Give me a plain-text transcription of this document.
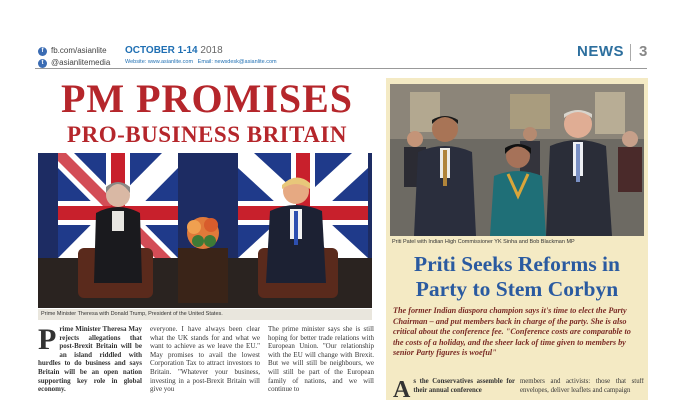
f fb.com/asianlite
t @asianlitemedia
OCTOBER 1-14 2018
Website: www.asianlite.com Email: newsdesk@asianlite.com
NEWS 3
PM PROMISES
PRO-BUSINESS BRITAIN
Prime Minister Theresa with Donald Trump, President of the United States.
P rime Minister Theresa May rejects allegations that post-Brexit Britain will be an island riddled with hurdles to do business and says Britain will be an open nation supporting key role in global economy.
everyone. I have always been clear what the UK stands for and what we want to achieve as we leave the EU." May promises to avail the lowest Corporation Tax to attract investors to Britain. "Whatever your business, investing in a post-Brexit Britain will give you
The prime minister says she is still hoping for better trade relations with European Union. "Our relationship with the EU will change with Brexit. But we will still be neighbours, we will still be part of the European family of nations, and we will continue to
Priti Patel with Indian High Commissioner YK Sinha and Bob Blackman MP
Priti Seeks Reforms in
Party to Stem Corbyn
The former Indian diaspora champion says it's time to elect the Party Chairman – and put members back in charge of the party. She is also critical about the conference fee. "Conference costs are comparable to the costs of a holiday, and the sheer lack of time given to members by senior Party figures is woeful"
A s the Conservatives assemble for their annual conference
members and activists: those that stuff envelopes, deliver leaflets and campaign
